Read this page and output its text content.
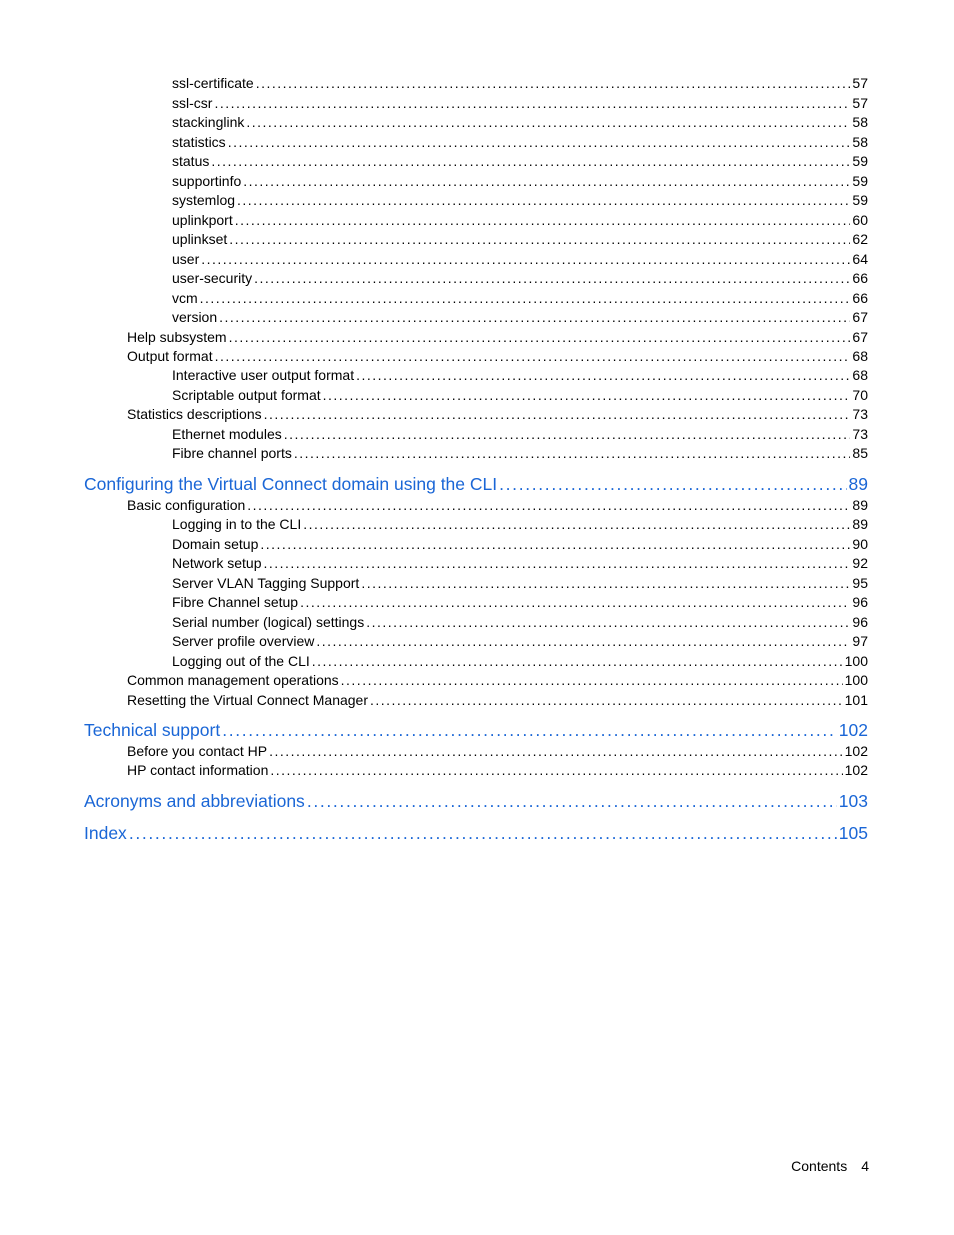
ssl-certificate . . .	57
ssl-csr . . .	57
stackinglink . . .	58
statistics . . .	58
status . . .	59
supportinfo . . .	59
systemlog . . .	59
uplinkport . . .	60
uplinkset . . .	62
user . . .	64
user-security . . .	66
vcm . . .	66
version . . .	67
Help subsystem . . .	67
Output format . . .	68
Interactive user output format . . .	68
Scriptable output format . . .	70
Statistics descriptions . . .	73
Ethernet modules . . .	73
Fibre channel ports . . .	85
Configuring the Virtual Connect domain using the CLI . . .	89
Basic configuration . . .	89
Logging in to the CLI . . .	89
Domain setup . . .	90
Network setup . . .	92
Server VLAN Tagging Support . . .	95
Fibre Channel setup . . .	96
Serial number (logical) settings . . .	96
Server profile overview . . .	97
Logging out of the CLI . . .	100
Common management operations . . .	100
Resetting the Virtual Connect Manager . . .	101
Technical support . . .	102
Before you contact HP . . .	102
HP contact information . . .	102
Acronyms and abbreviations . . .	103
Index . . .	105
Contents 4
